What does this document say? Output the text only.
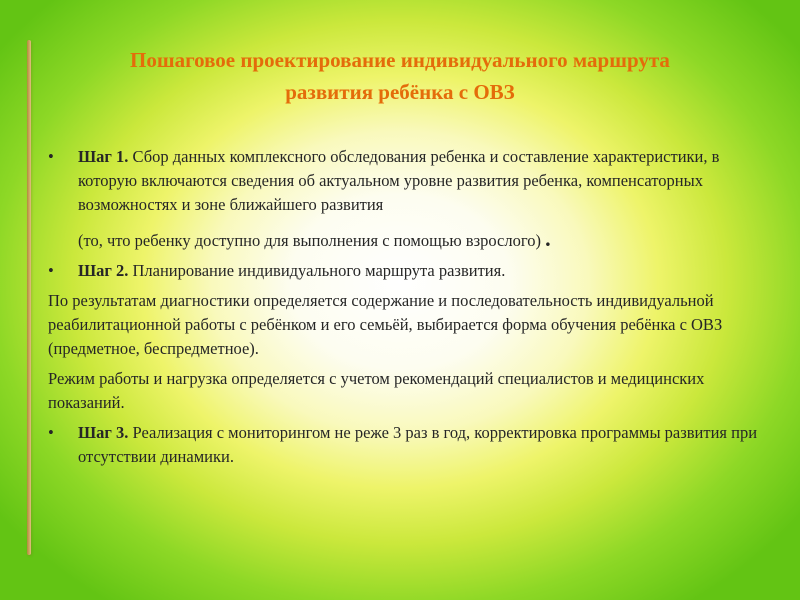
Пошаговое проектирование индивидуального маршрута
развития ребёнка с ОВЗ
• Шаг 1. Сбор данных комплексного обследования ребенка и составление характеристики, в которую включаются сведения об актуальном уровне развития ребенка, компенсаторных возможностях и зоне ближайшего развития
(то, что ребенку доступно для выполнения с помощью взрослого) .
• Шаг 2. Планирование индивидуального маршрута развития.

По результатам диагностики определяется содержание и последовательность индивидуальной реабилитационной работы с ребёнком и его семьёй, выбирается форма обучения ребёнка с ОВЗ (предметное, беспредметное).

Режим работы и нагрузка определяется с учетом рекомендаций специалистов и медицинских показаний.

• Шаг 3. Реализация с мониторингом не реже 3 раз в год, корректировка программы развития при отсутствии динамики.
